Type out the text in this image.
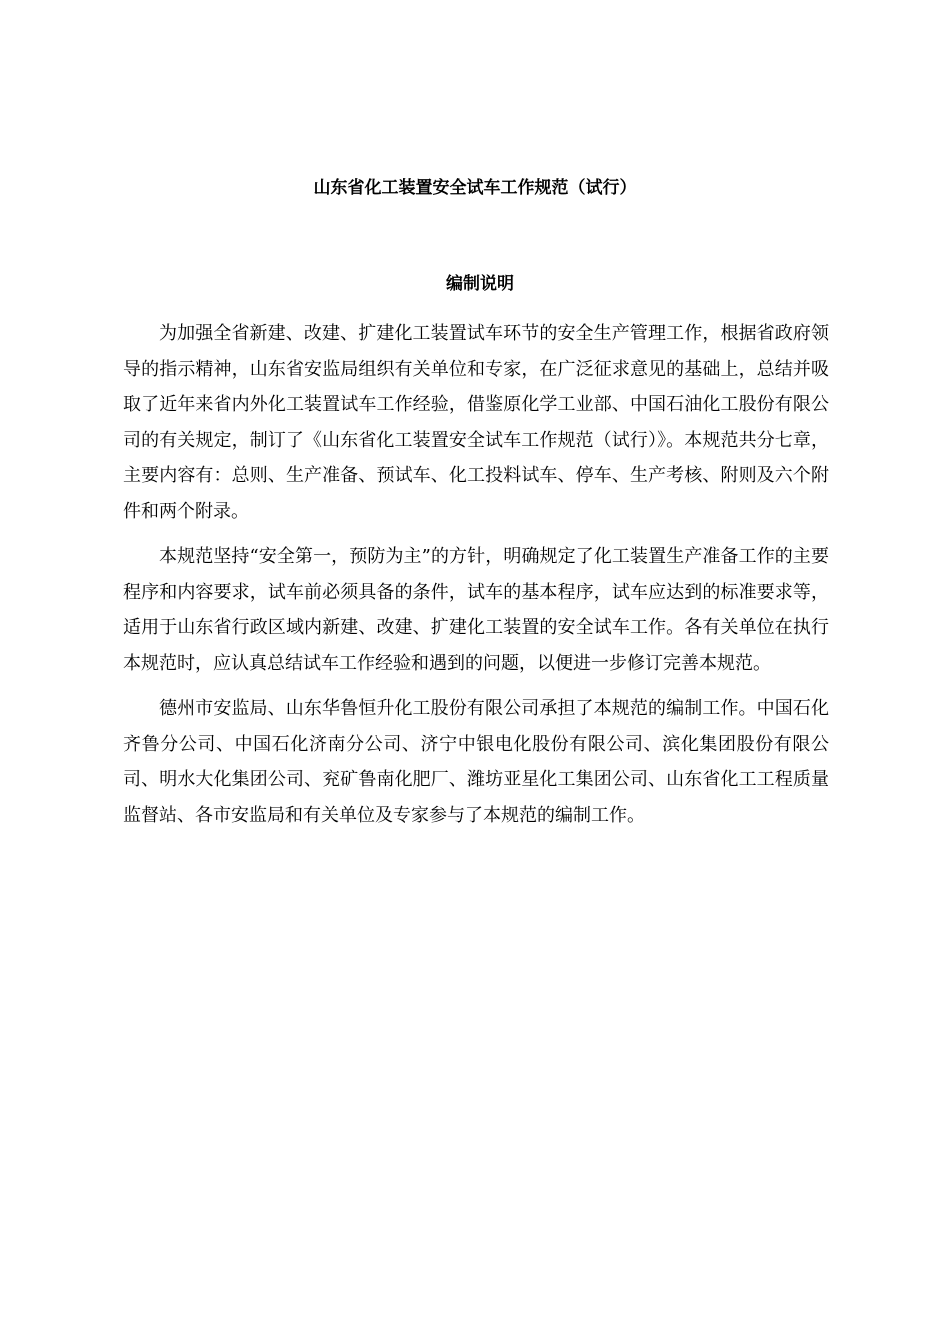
山东省化工装置安全试车工作规范（试行）
编制说明

为加强全省新建、改建、扩建化工装置试车环节的安全生产管理工作，根据省政府领导的指示精神，山东省安监局组织有关单位和专家，在广泛征求意见的基础上，总结并吸取了近年来省内外化工装置试车工作经验，借鉴原化学工业部、中国石油化工股份有限公司的有关规定，制订了《山东省化工装置安全试车工作规范（试行）》。本规范共分七章，主要内容有：总则、生产准备、预试车、化工投料试车、停车、生产考核、附则及六个附件和两个附录。

本规范坚持“安全第一，预防为主”的方针，明确规定了化工装置生产准备工作的主要程序和内容要求，试车前必须具备的条件，试车的基本程序，试车应达到的标准要求等，适用于山东省行政区域内新建、改建、扩建化工装置的安全试车工作。各有关单位在执行本规范时，应认真总结试车工作经验和遇到的问题，以便进一步修订完善本规范。

德州市安监局、山东华鲁恒升化工股份有限公司承担了本规范的编制工作。中国石化齐鲁分公司、中国石化济南分公司、济宁中银电化股份有限公司、滨化集团股份有限公司、明水大化集团公司、兖矿鲁南化肥厂、潍坊亚星化工集团公司、山东省化工工程质量监督站、各市安监局和有关单位及专家参与了本规范的编制工作。
